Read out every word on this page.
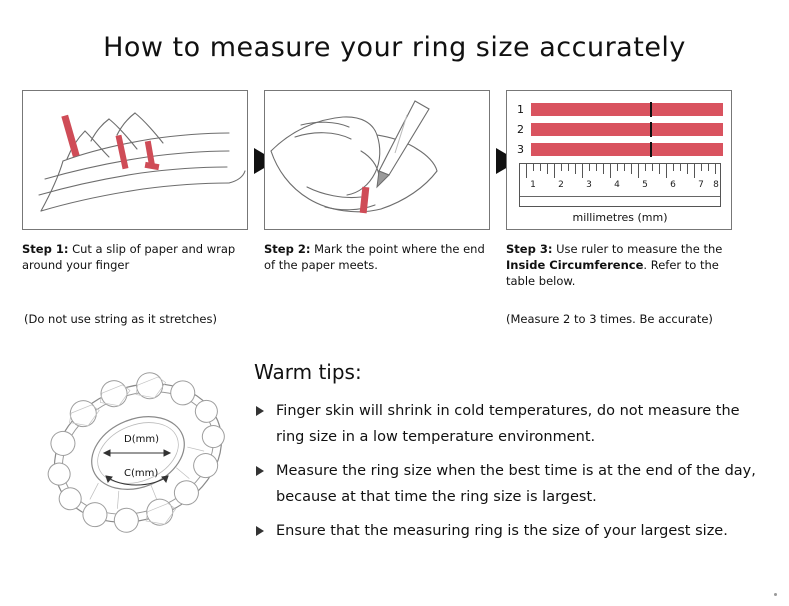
How to measure your ring size accurately
Step 1: Cut a slip of paper and wrap around your finger
Step 2: Mark the point where the end of the paper meets.
1
2
3
1 2 3 4 5 6 7 8
millimetres (mm)
Step 3: Use ruler to measure the the Inside Circumference. Refer to the table below.
(Do not use string as it stretches)	(Measure 2 to 3 times. Be accurate)
D(mm)
C(mm)
Warm tips:
Finger skin will shrink in cold temperatures, do not measure the ring size in a low temperature environment.
Measure the ring size when the best time is at the end of the day, because at that time the ring size is largest.
Ensure that the measuring ring is the size of your largest size.
